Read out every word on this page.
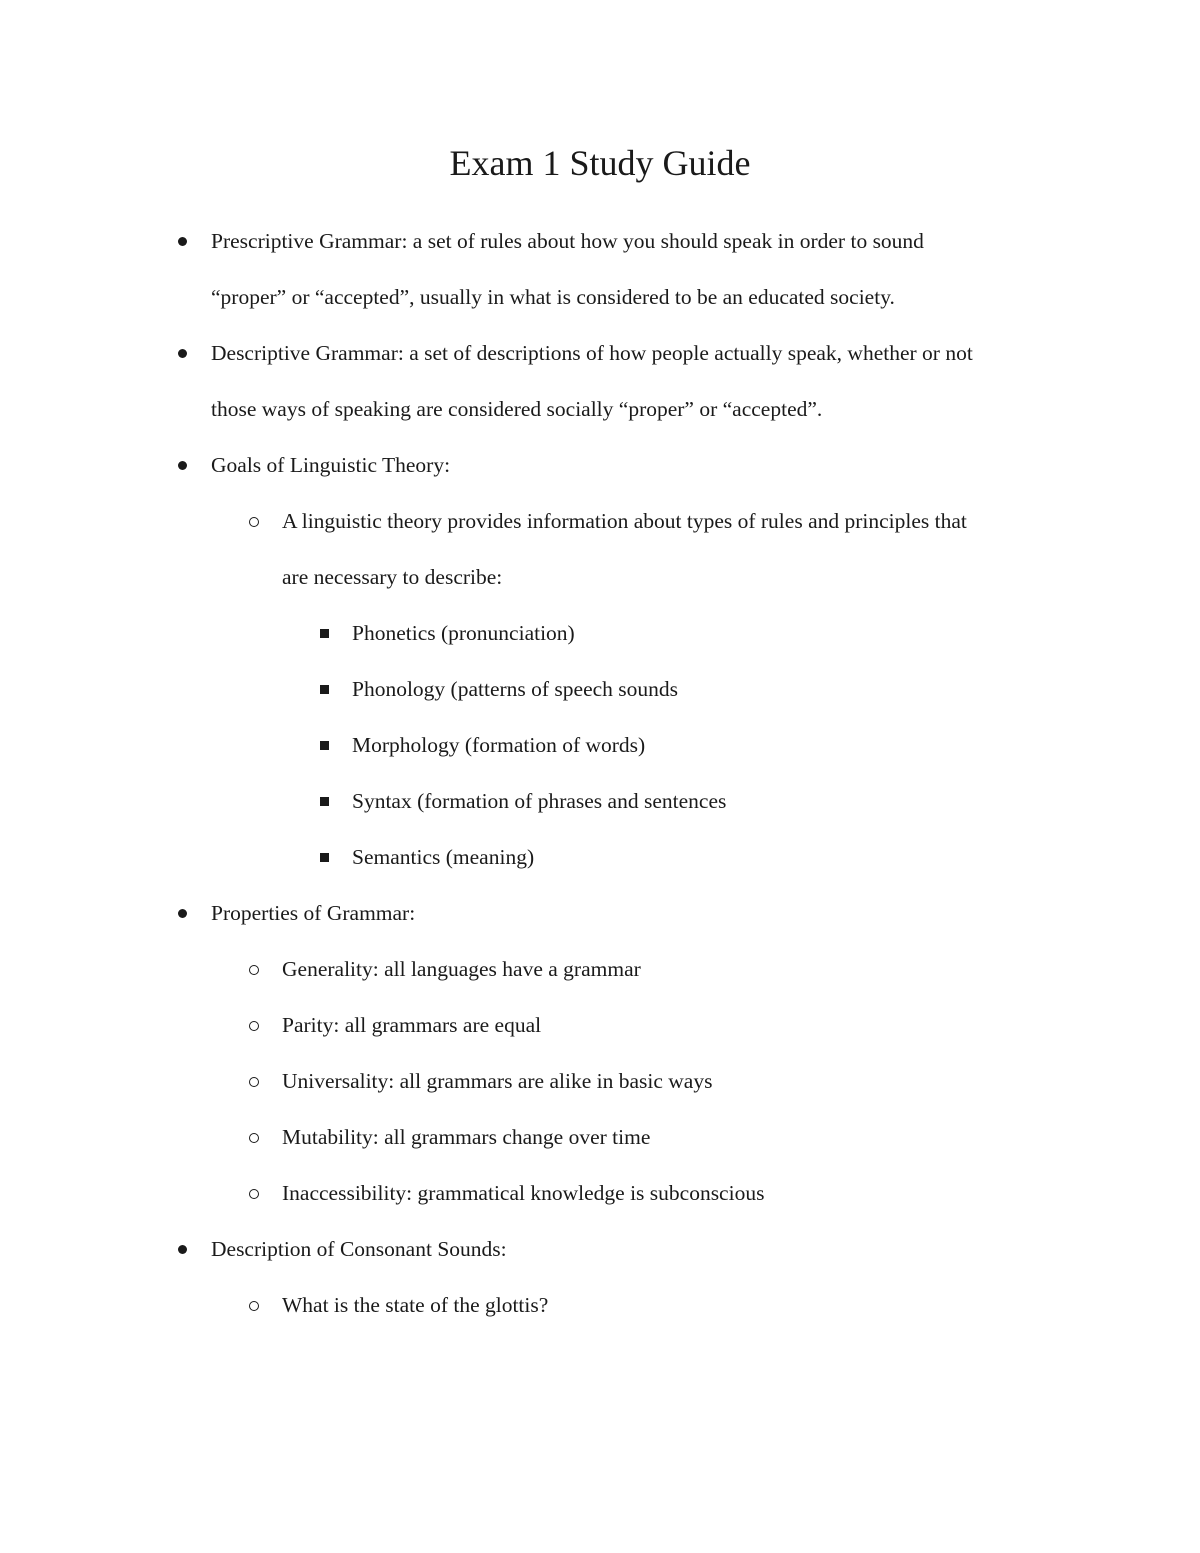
Exam 1 Study Guide
Prescriptive Grammar: a set of rules about how you should speak in order to sound
“proper” or “accepted”, usually in what is considered to be an educated society.
Descriptive Grammar: a set of descriptions of how people actually speak, whether or not
those ways of speaking are considered socially “proper” or “accepted”.
Goals of Linguistic Theory:
A linguistic theory provides information about types of rules and principles that
are necessary to describe:
Phonetics (pronunciation)
Phonology (patterns of speech sounds
Morphology (formation of words)
Syntax (formation of phrases and sentences
Semantics (meaning)
Properties of Grammar:
Generality: all languages have a grammar
Parity: all grammars are equal
Universality: all grammars are alike in basic ways
Mutability: all grammars change over time
Inaccessibility: grammatical knowledge is subconscious
Description of Consonant Sounds:
What is the state of the glottis?
